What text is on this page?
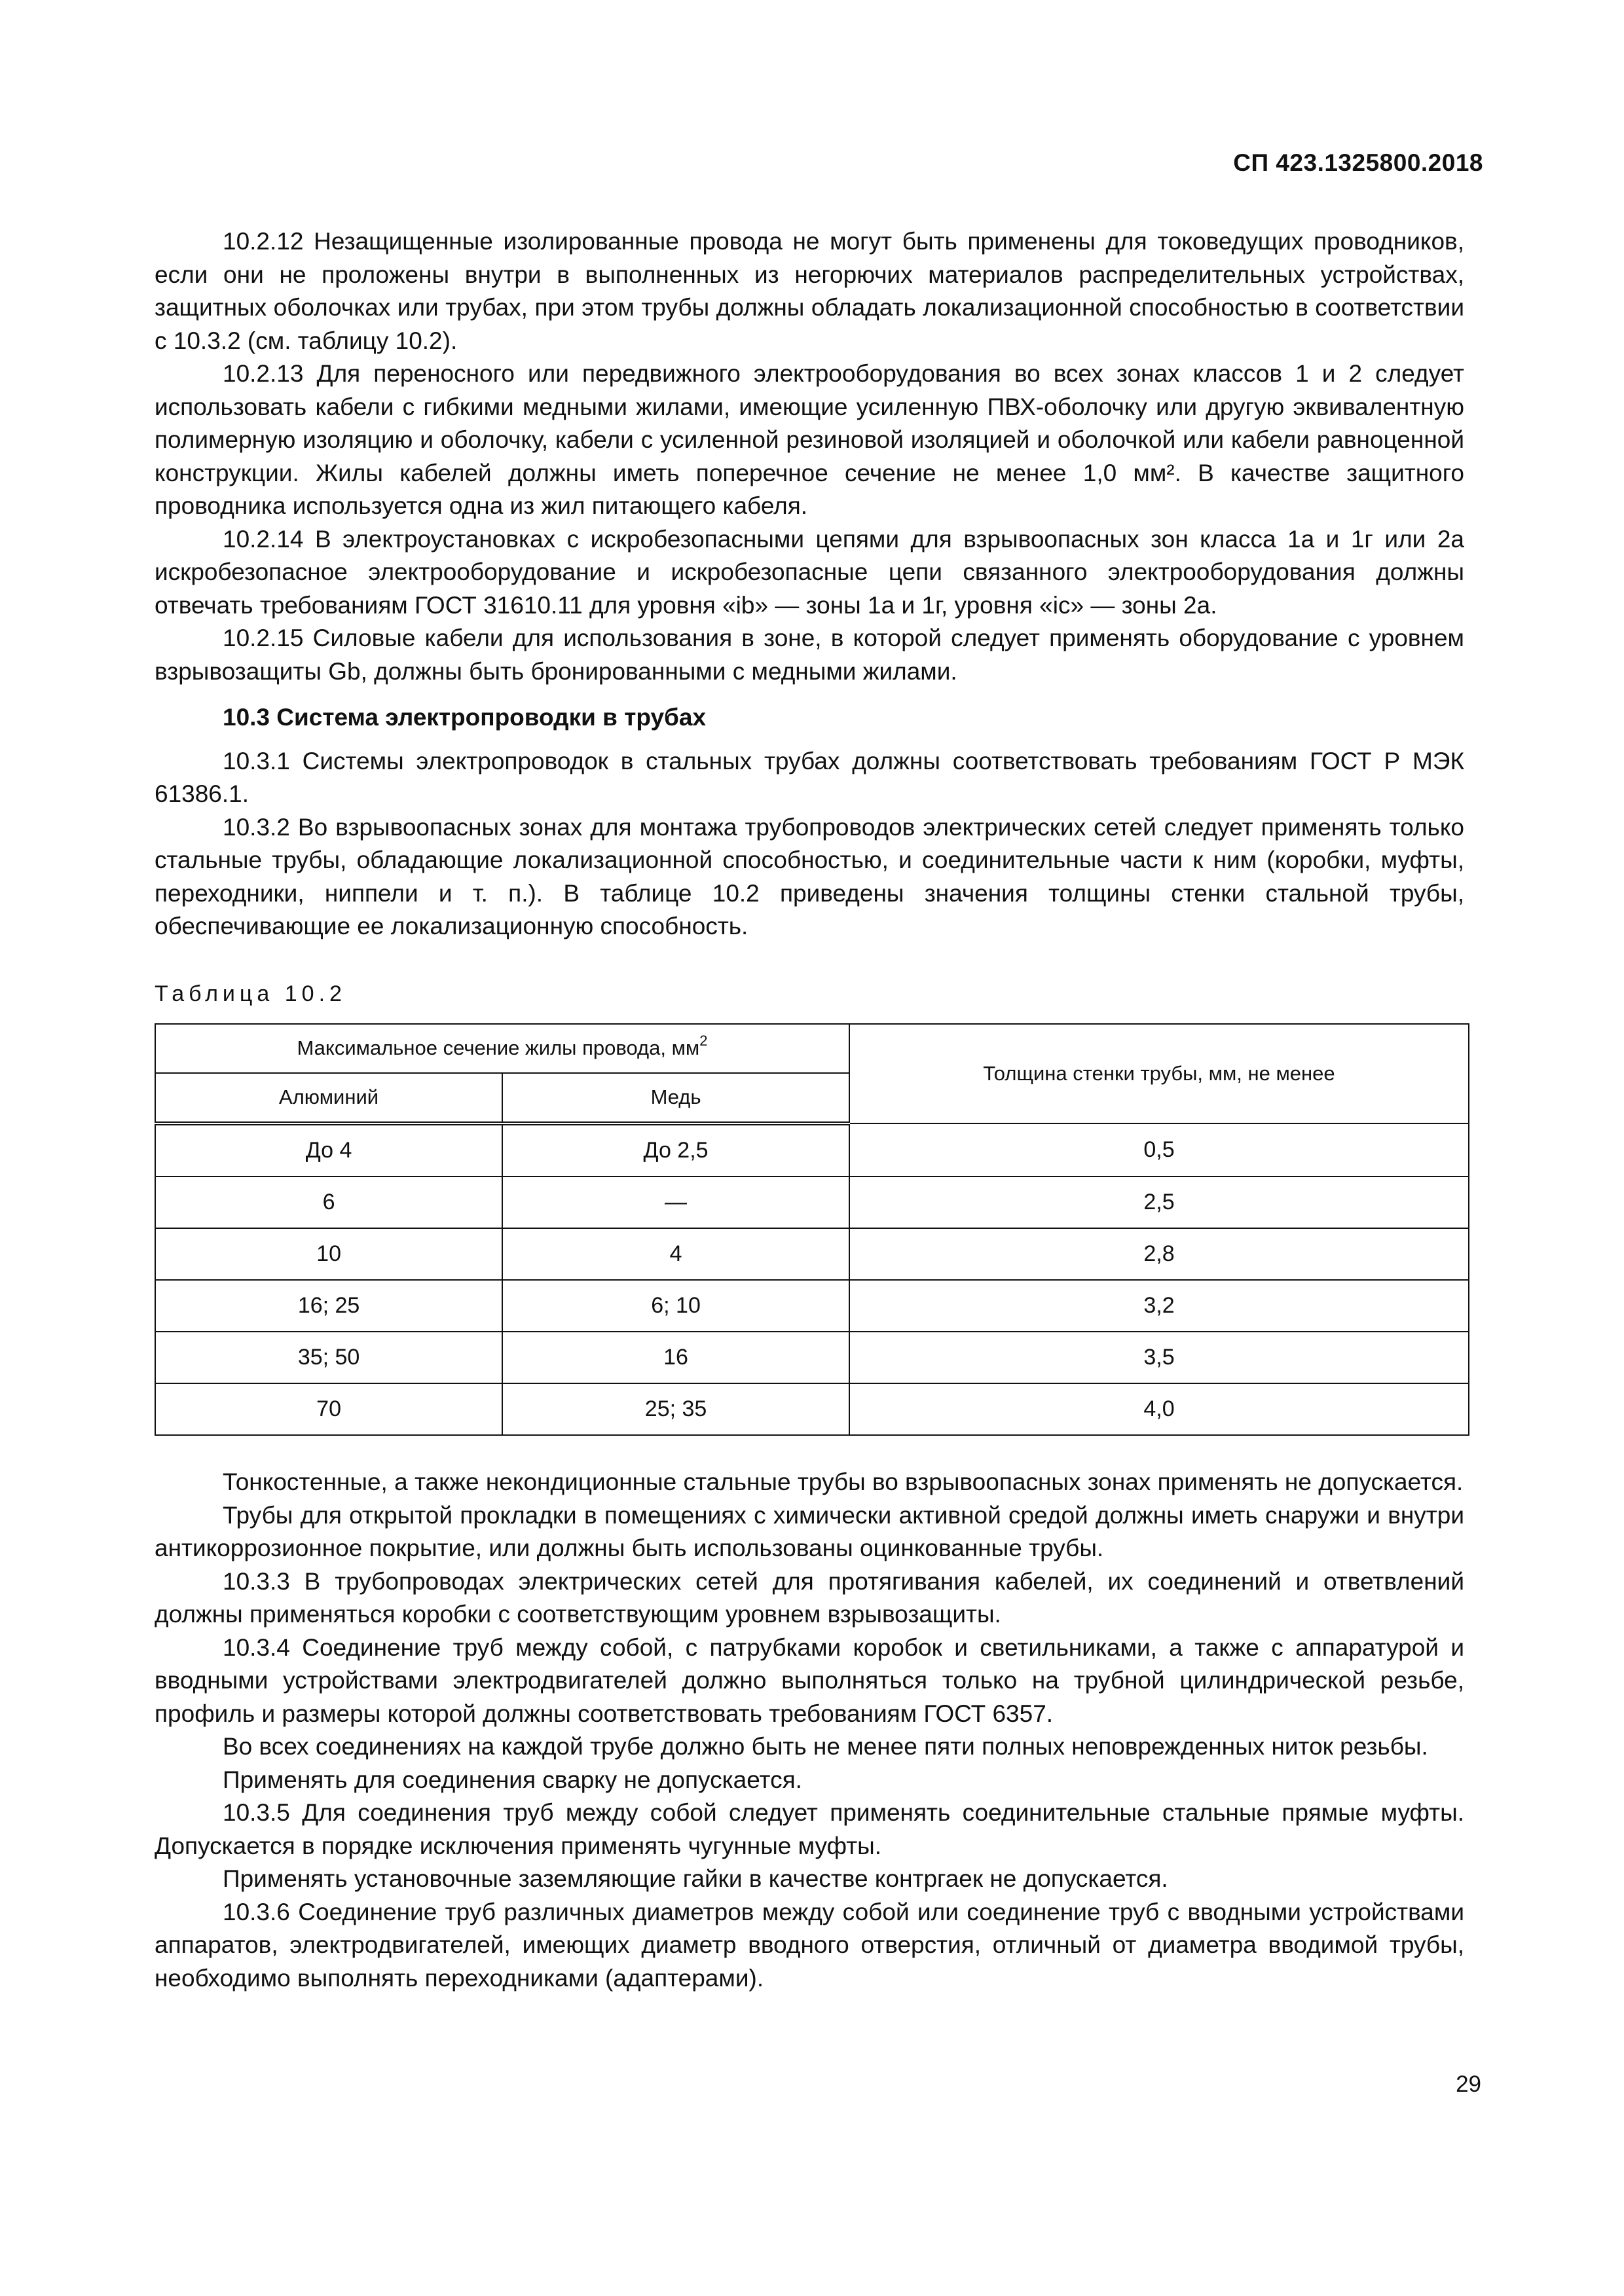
СП 423.1325800.2018

10.2.12 Незащищенные изолированные провода не могут быть применены для токоведущих проводников, если они не проложены внутри в выполненных из негорючих материалов распределительных устройствах, защитных оболочках или трубах, при этом трубы должны обладать локализационной способностью в соответствии с 10.3.2 (см. таблицу 10.2).

10.2.13 Для переносного или передвижного электрооборудования во всех зонах классов 1 и 2 следует использовать кабели с гибкими медными жилами, имеющие усиленную ПВХ-оболочку или другую эквивалентную полимерную изоляцию и оболочку, кабели с усиленной резиновой изоляцией и оболочкой или кабели равноценной конструкции. Жилы кабелей должны иметь поперечное сечение не менее 1,0 мм². В качестве защитного проводника используется одна из жил питающего кабеля.

10.2.14 В электроустановках с искробезопасными цепями для взрывоопасных зон класса 1а и 1г или 2а искробезопасное электрооборудование и искробезопасные цепи связанного электрооборудования должны отвечать требованиям ГОСТ 31610.11 для уровня «ib» — зоны 1а и 1г, уровня «ic» — зоны 2а.

10.2.15 Силовые кабели для использования в зоне, в которой следует применять оборудование с уровнем взрывозащиты Gb, должны быть бронированными с медными жилами.

10.3 Система электропроводки в трубах

10.3.1 Системы электропроводок в стальных трубах должны соответствовать требованиям ГОСТ Р МЭК 61386.1.

10.3.2 Во взрывоопасных зонах для монтажа трубопроводов электрических сетей следует применять только стальные трубы, обладающие локализационной способностью, и соединительные части к ним (коробки, муфты, переходники, ниппели и т. п.). В таблице 10.2 приведены значения толщины стенки стальной трубы, обеспечивающие ее локализационную способность.

Таблица 10.2
Максимальное сечение жилы провода, $мм^2$		Толщина стенки трубы, мм, не менее
Алюминий	Медь	
До 4	До 2,5	0,5
6	—	2,5
10	4	2,8
16; 25	6; 10	3,2
35; 50	16	3,5
70	25; 35	4,0

Тонкостенные, а также некондиционные стальные трубы во взрывоопасных зонах применять не допускается.

Трубы для открытой прокладки в помещениях с химически активной средой должны иметь снаружи и внутри антикоррозионное покрытие, или должны быть использованы оцинкованные трубы.

10.3.3 В трубопроводах электрических сетей для протягивания кабелей, их соединений и ответвлений должны применяться коробки с соответствующим уровнем взрывозащиты.

10.3.4 Соединение труб между собой, с патрубками коробок и светильниками, а также с аппаратурой и вводными устройствами электродвигателей должно выполняться только на трубной цилиндрической резьбе, профиль и размеры которой должны соответствовать требованиям ГОСТ 6357.

Во всех соединениях на каждой трубе должно быть не менее пяти полных неповрежденных ниток резьбы.

Применять для соединения сварку не допускается.

10.3.5 Для соединения труб между собой следует применять соединительные стальные прямые муфты. Допускается в порядке исключения применять чугунные муфты.

Применять установочные заземляющие гайки в качестве контргаек не допускается.

10.3.6 Соединение труб различных диаметров между собой или соединение труб с вводными устройствами аппаратов, электродвигателей, имеющих диаметр вводного отверстия, отличный от диаметра вводимой трубы, необходимо выполнять переходниками (адаптерами).

29
